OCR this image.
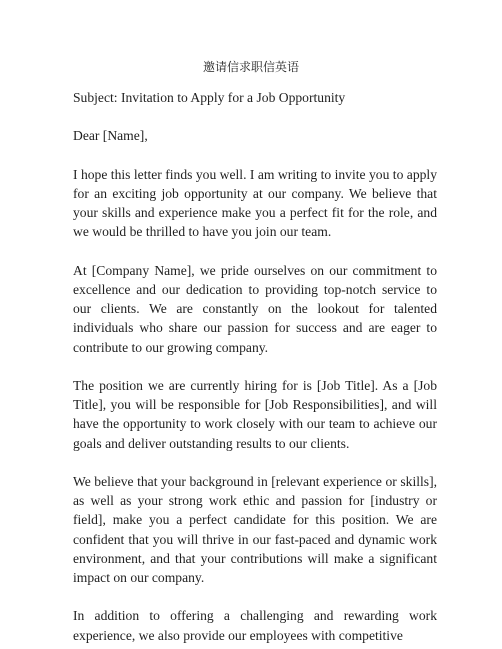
邀请信求职信英语

Subject: Invitation to Apply for a Job Opportunity

Dear [Name],

I hope this letter finds you well. I am writing to invite you to apply for an exciting job opportunity at our company. We believe that your skills and experience make you a perfect fit for the role, and we would be thrilled to have you join our team.

At [Company Name], we pride ourselves on our commitment to excellence and our dedication to providing top-notch service to our clients. We are constantly on the lookout for talented individuals who share our passion for success and are eager to contribute to our growing company.

The position we are currently hiring for is [Job Title]. As a [Job Title], you will be responsible for [Job Responsibilities], and will have the opportunity to work closely with our team to achieve our goals and deliver outstanding results to our clients.

We believe that your background in [relevant experience or skills], as well as your strong work ethic and passion for [industry or field], make you a perfect candidate for this position. We are confident that you will thrive in our fast-paced and dynamic work environment, and that your contributions will make a significant impact on our company.

In addition to offering a challenging and rewarding work experience, we also provide our employees with competitive
